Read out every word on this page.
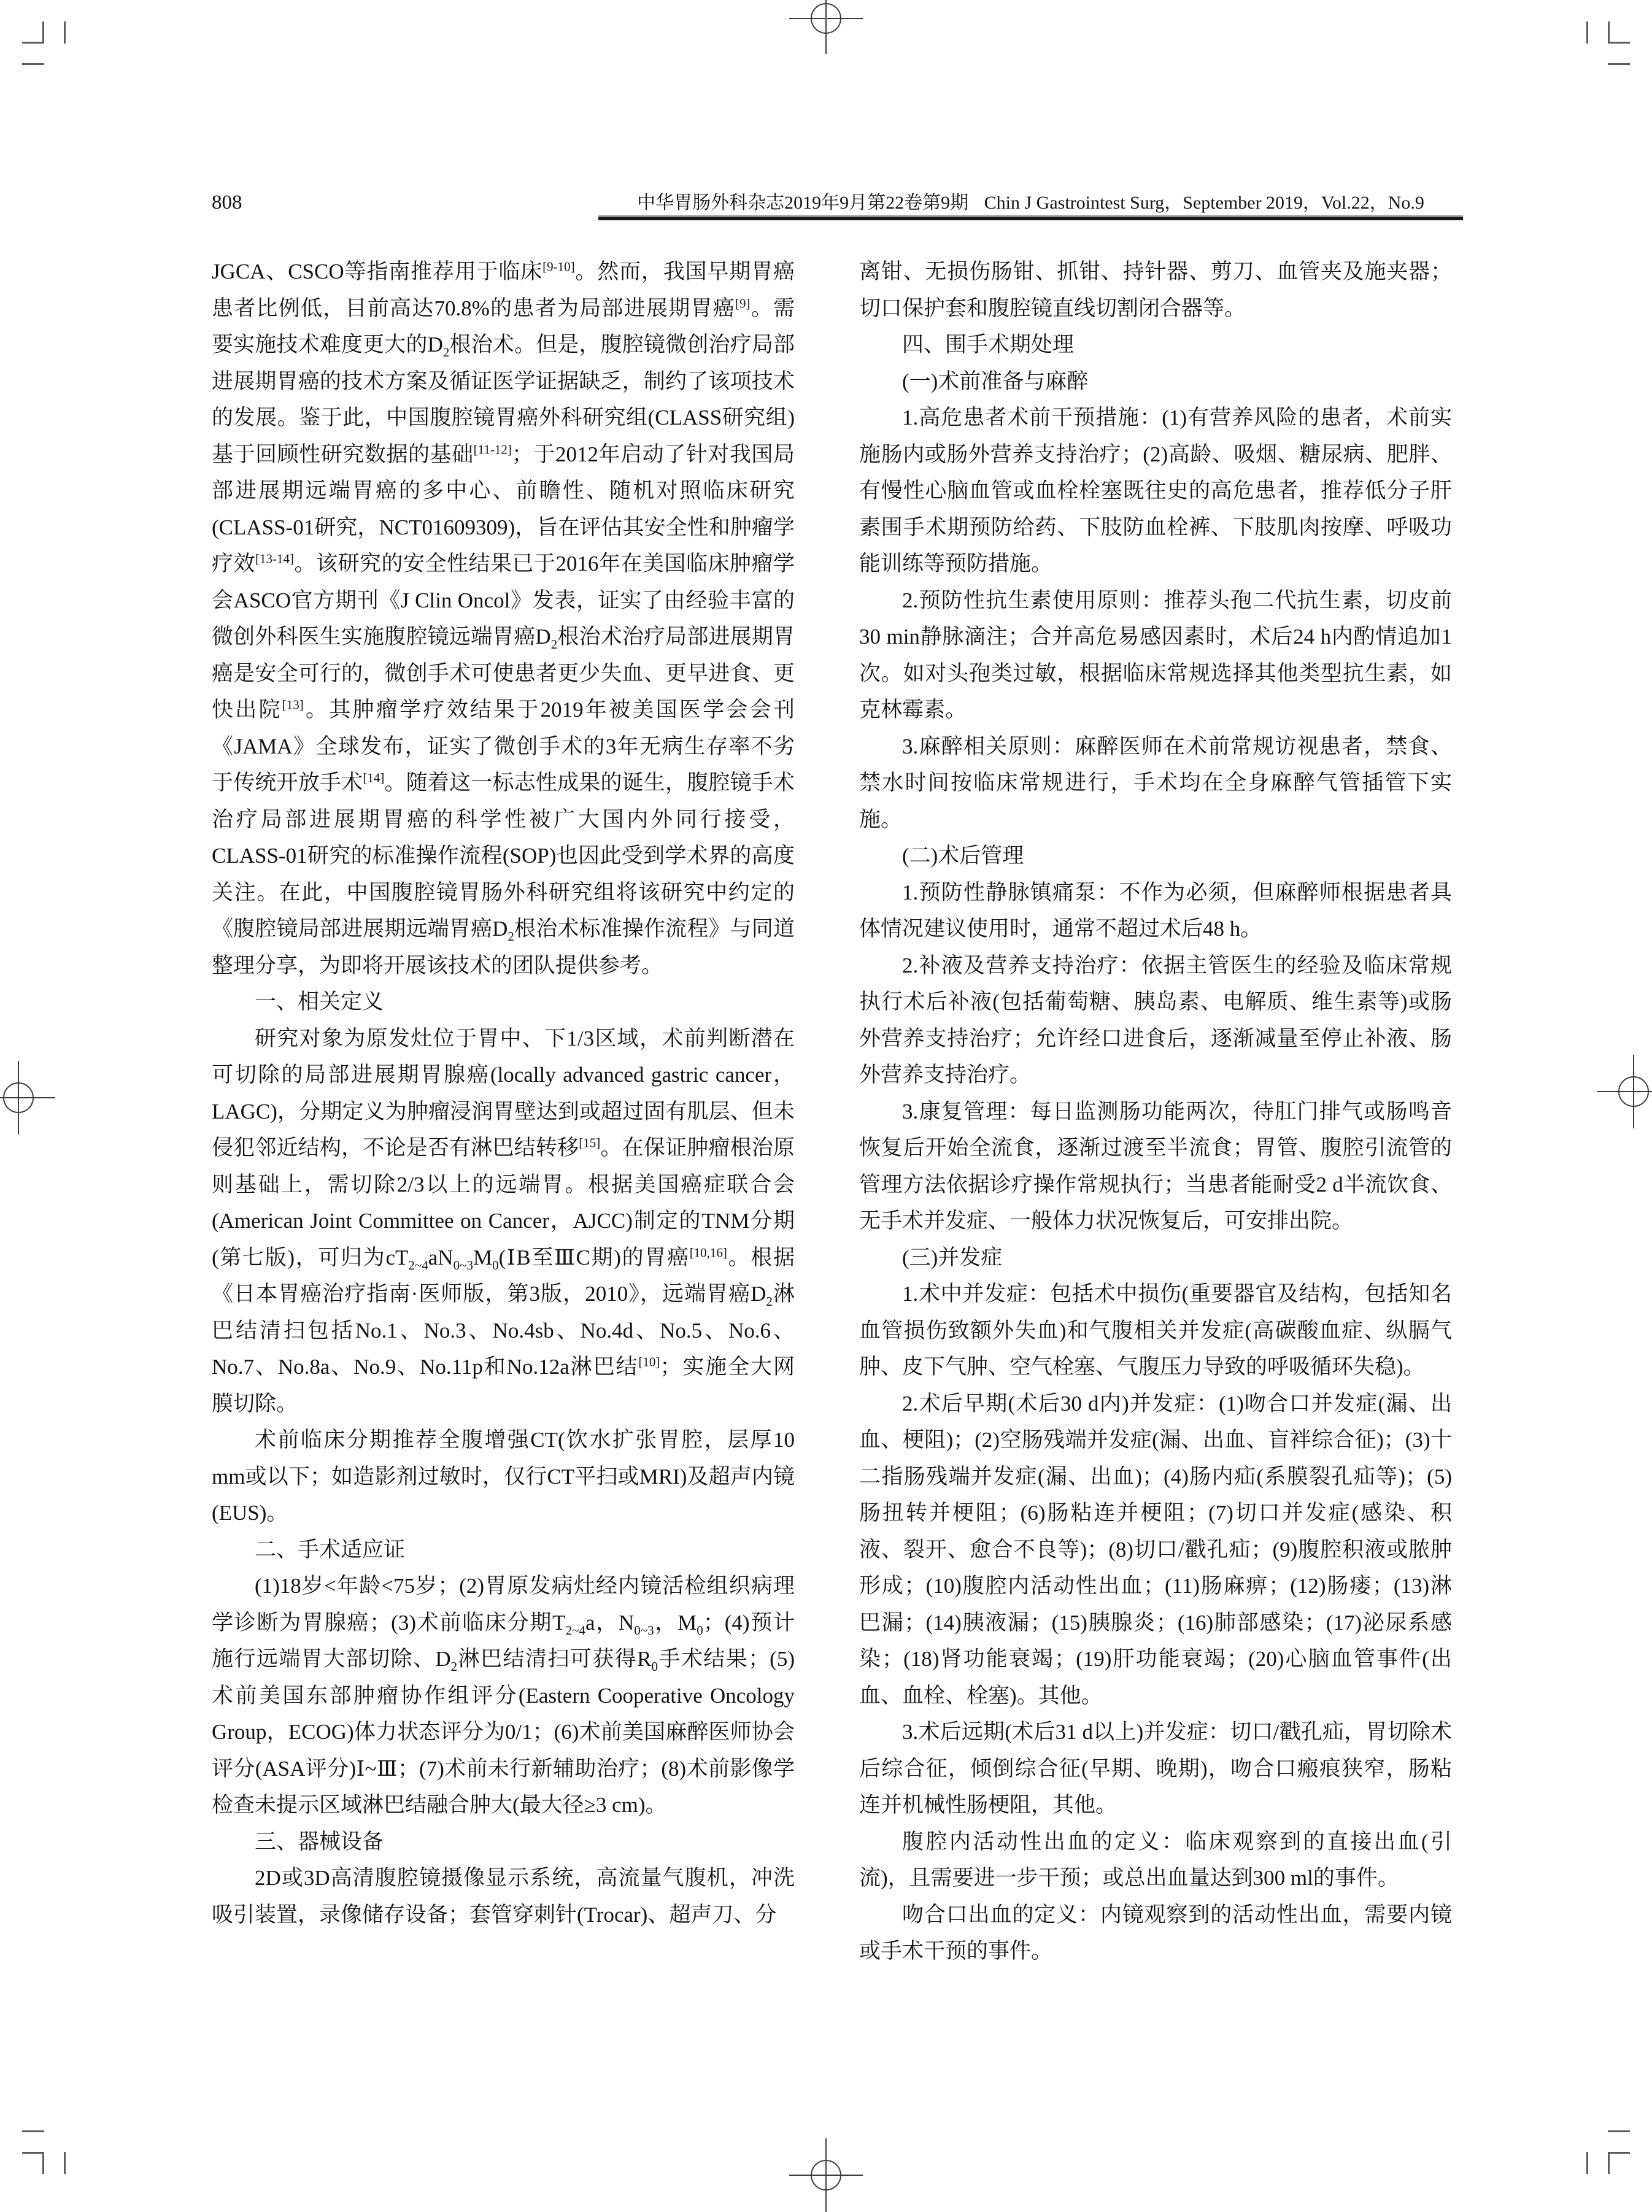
808	中华胃肠外科杂志2019年9月第22卷第9期 Chin J Gastrointest Surg，September 2019，Vol.22，No.9

JGCA、CSCO等指南推荐用于临床[9-10]。然而，我国早期胃癌患者比例低，目前高达70.8%的患者为局部进展期胃癌[9]。需要实施技术难度更大的$D_2$根治术。但是，腹腔镜微创治疗局部进展期胃癌的技术方案及循证医学证据缺乏，制约了该项技术的发展。鉴于此，中国腹腔镜胃癌外科研究组(CLASS研究组)基于回顾性研究数据的基础[11-12]；于2012年启动了针对我国局部进展期远端胃癌的多中心、前瞻性、随机对照临床研究(CLASS-01研究，NCT01609309)，旨在评估其安全性和肿瘤学疗效[13-14]。该研究的安全性结果已于2016年在美国临床肿瘤学会ASCO官方期刊《J Clin Oncol》发表，证实了由经验丰富的微创外科医生实施腹腔镜远端胃癌$D_2$根治术治疗局部进展期胃癌是安全可行的，微创手术可使患者更少失血、更早进食、更快出院[13]。其肿瘤学疗效结果于2019年被美国医学会会刊《JAMA》全球发布，证实了微创手术的3年无病生存率不劣于传统开放手术[14]。随着这一标志性成果的诞生，腹腔镜手术治疗局部进展期胃癌的科学性被广大国内外同行接受，CLASS-01研究的标准操作流程(SOP)也因此受到学术界的高度关注。在此，中国腹腔镜胃肠外科研究组将该研究中约定的《腹腔镜局部进展期远端胃癌$D_2$根治术标准操作流程》与同道整理分享，为即将开展该技术的团队提供参考。

一、相关定义

研究对象为原发灶位于胃中、下1/3区域，术前判断潜在可切除的局部进展期胃腺癌(locally advanced gastric cancer，LAGC)，分期定义为肿瘤浸润胃壁达到或超过固有肌层、但未侵犯邻近结构，不论是否有淋巴结转移[15]。在保证肿瘤根治原则基础上，需切除2/3以上的远端胃。根据美国癌症联合会(American Joint Committee on Cancer，AJCC)制定的TNM分期(第七版)，可归为$cT_{2\sim 4}aN_{0\sim 3}M_0(ⅠB$至ⅢC期)的胃癌[10,16]。根据《日本胃癌治疗指南·医师版，第3版，2010》，远端胃癌$D_2$淋巴结清扫包括No.1、No.3、No.4sb、No.4d、No.5、No.6、No.7、No.8a、No.9、No.11p和No.12a淋巴结[10]；实施全大网膜切除。

术前临床分期推荐全腹增强CT(饮水扩张胃腔，层厚10 mm或以下；如造影剂过敏时，仅行CT平扫或MRI)及超声内镜(EUS)。

二、手术适应证

(1)18岁<年龄<75岁；(2)胃原发病灶经内镜活检组织病理学诊断为胃腺癌；(3)术前临床分期$T_{2\sim 4}a$，$N_{0\sim 3}$，$M_0$；(4)预计施行远端胃大部切除、$D_2$淋巴结清扫可获得$R_0$手术结果；(5)术前美国东部肿瘤协作组评分(Eastern Cooperative Oncology Group，ECOG)体力状态评分为0/1；(6)术前美国麻醉医师协会评分(ASA评分)Ⅰ~Ⅲ；(7)术前未行新辅助治疗；(8)术前影像学检查未提示区域淋巴结融合肿大(最大径≥3 cm)。

三、器械设备

2D或3D高清腹腔镜摄像显示系统，高流量气腹机，冲洗吸引装置，录像储存设备；套管穿刺针(Trocar)、超声刀、分

离钳、无损伤肠钳、抓钳、持针器、剪刀、血管夹及施夹器；切口保护套和腹腔镜直线切割闭合器等。

四、围手术期处理

(一)术前准备与麻醉

1.高危患者术前干预措施：(1)有营养风险的患者，术前实施肠内或肠外营养支持治疗；(2)高龄、吸烟、糖尿病、肥胖、有慢性心脑血管或血栓栓塞既往史的高危患者，推荐低分子肝素围手术期预防给药、下肢防血栓裤、下肢肌肉按摩、呼吸功能训练等预防措施。

2.预防性抗生素使用原则：推荐头孢二代抗生素，切皮前30 min静脉滴注；合并高危易感因素时，术后24 h内酌情追加1次。如对头孢类过敏，根据临床常规选择其他类型抗生素，如克林霉素。

3.麻醉相关原则：麻醉医师在术前常规访视患者，禁食、禁水时间按临床常规进行，手术均在全身麻醉气管插管下实施。

(二)术后管理

1.预防性静脉镇痛泵：不作为必须，但麻醉师根据患者具体情况建议使用时，通常不超过术后48 h。

2.补液及营养支持治疗：依据主管医生的经验及临床常规执行术后补液(包括葡萄糖、胰岛素、电解质、维生素等)或肠外营养支持治疗；允许经口进食后，逐渐减量至停止补液、肠外营养支持治疗。

3.康复管理：每日监测肠功能两次，待肛门排气或肠鸣音恢复后开始全流食，逐渐过渡至半流食；胃管、腹腔引流管的管理方法依据诊疗操作常规执行；当患者能耐受2 d半流饮食、无手术并发症、一般体力状况恢复后，可安排出院。

(三)并发症

1.术中并发症：包括术中损伤(重要器官及结构，包括知名血管损伤致额外失血)和气腹相关并发症(高碳酸血症、纵膈气肿、皮下气肿、空气栓塞、气腹压力导致的呼吸循环失稳)。

2.术后早期(术后30 d内)并发症：(1)吻合口并发症(漏、出血、梗阻)；(2)空肠残端并发症(漏、出血、盲袢综合征)；(3)十二指肠残端并发症(漏、出血)；(4)肠内疝(系膜裂孔疝等)；(5)肠扭转并梗阻；(6)肠粘连并梗阻；(7)切口并发症(感染、积液、裂开、愈合不良等)；(8)切口/戳孔疝；(9)腹腔积液或脓肿形成；(10)腹腔内活动性出血；(11)肠麻痹；(12)肠瘘；(13)淋巴漏；(14)胰液漏；(15)胰腺炎；(16)肺部感染；(17)泌尿系感染；(18)肾功能衰竭；(19)肝功能衰竭；(20)心脑血管事件(出血、血栓、栓塞)。其他。

3.术后远期(术后31 d以上)并发症：切口/戳孔疝，胃切除术后综合征，倾倒综合征(早期、晚期)，吻合口瘢痕狭窄，肠粘连并机械性肠梗阻，其他。

腹腔内活动性出血的定义：临床观察到的直接出血(引流)，且需要进一步干预；或总出血量达到300 ml的事件。

吻合口出血的定义：内镜观察到的活动性出血，需要内镜或手术干预的事件。
